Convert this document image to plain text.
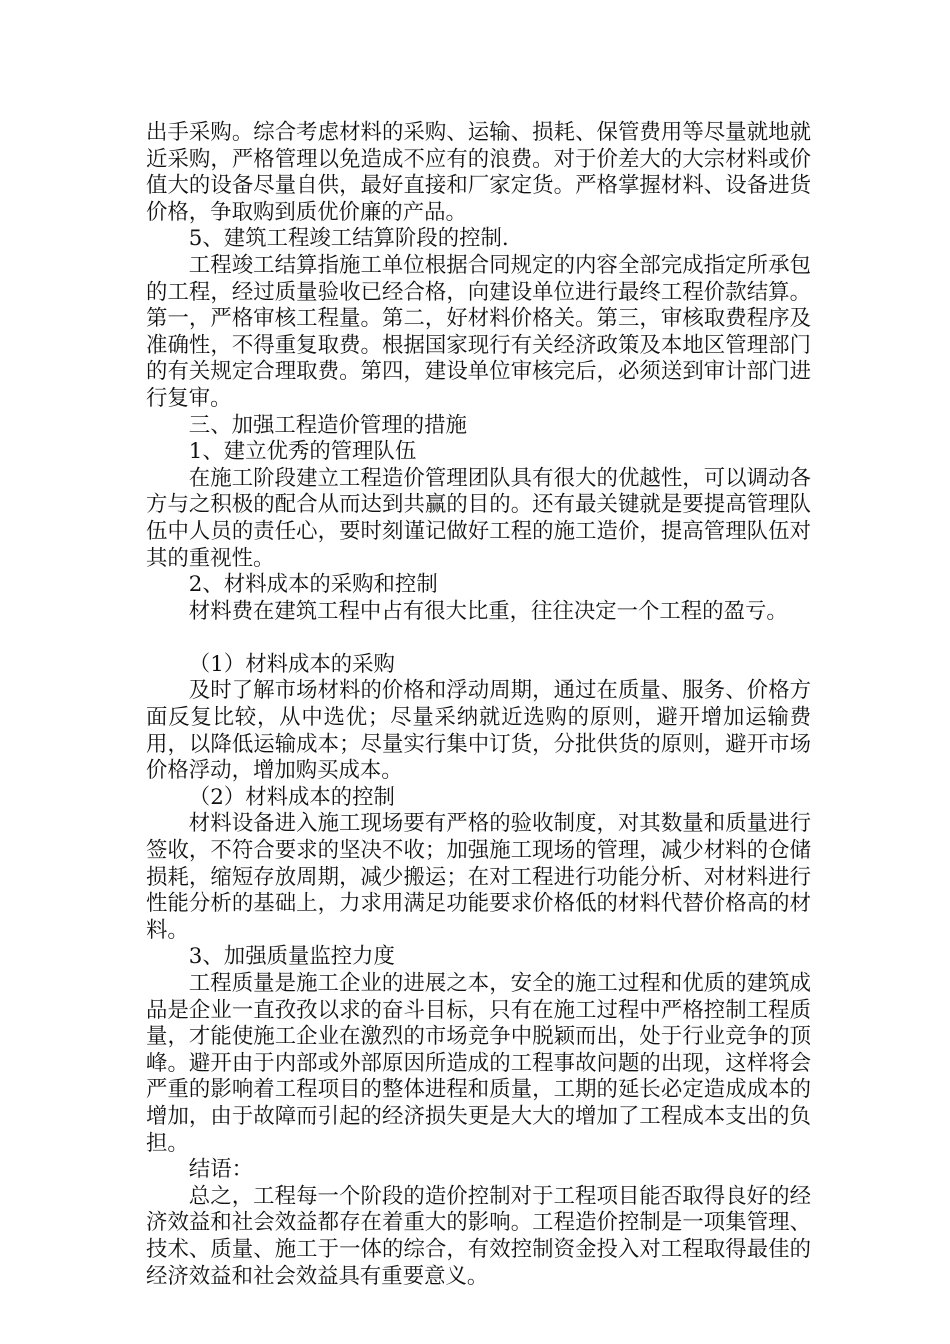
出手采购。综合考虑材料的采购、运输、损耗、保管费用等尽量就地就近采购，严格管理以免造成不应有的浪费。对于价差大的大宗材料或价值大的设备尽量自供，最好直接和厂家定货。严格掌握材料、设备进货价格，争取购到质优价廉的产品。

5、建筑工程竣工结算阶段的控制.

工程竣工结算指施工单位根据合同规定的内容全部完成指定所承包的工程，经过质量验收已经合格，向建设单位进行最终工程价款结算。第一，严格审核工程量。第二，好材料价格关。第三，审核取费程序及准确性，不得重复取费。根据国家现行有关经济政策及本地区管理部门的有关规定合理取费。第四，建设单位审核完后，必须送到审计部门进行复审。

三、加强工程造价管理的措施

1、建立优秀的管理队伍

在施工阶段建立工程造价管理团队具有很大的优越性，可以调动各方与之积极的配合从而达到共赢的目的。还有最关键就是要提高管理队伍中人员的责任心，要时刻谨记做好工程的施工造价，提高管理队伍对其的重视性。

2、材料成本的采购和控制

材料费在建筑工程中占有很大比重，往往决定一个工程的盈亏。

（1）材料成本的采购

及时了解市场材料的价格和浮动周期，通过在质量、服务、价格方面反复比较，从中选优；尽量采纳就近选购的原则，避开增加运输费用，以降低运输成本；尽量实行集中订货，分批供货的原则，避开市场价格浮动，增加购买成本。

（2）材料成本的控制

材料设备进入施工现场要有严格的验收制度，对其数量和质量进行签收，不符合要求的坚决不收；加强施工现场的管理，减少材料的仓储损耗，缩短存放周期，减少搬运；在对工程进行功能分析、对材料进行性能分析的基础上，力求用满足功能要求价格低的材料代替价格高的材料。

3、加强质量监控力度

工程质量是施工企业的进展之本，安全的施工过程和优质的建筑成品是企业一直孜孜以求的奋斗目标，只有在施工过程中严格控制工程质量，才能使施工企业在激烈的市场竞争中脱颖而出，处于行业竞争的顶峰。避开由于内部或外部原因所造成的工程事故问题的出现，这样将会严重的影响着工程项目的整体进程和质量，工期的延长必定造成成本的增加，由于故障而引起的经济损失更是大大的增加了工程成本支出的负担。

结语：

总之，工程每一个阶段的造价控制对于工程项目能否取得良好的经济效益和社会效益都存在着重大的影响。工程造价控制是一项集管理、技术、质量、施工于一体的综合，有效控制资金投入对工程取得最佳的经济效益和社会效益具有重要意义。
